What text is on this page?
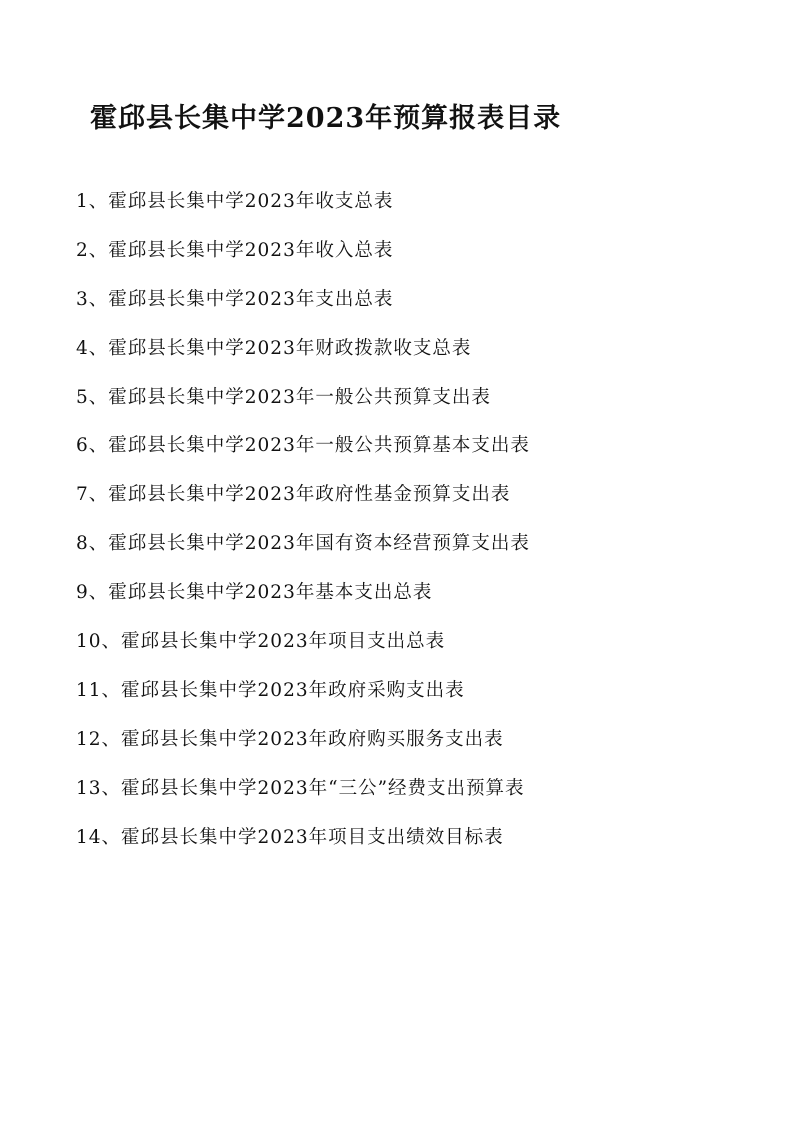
霍邱县长集中学2023年预算报表目录
1、霍邱县长集中学2023年收支总表
2、霍邱县长集中学2023年收入总表
3、霍邱县长集中学2023年支出总表
4、霍邱县长集中学2023年财政拨款收支总表
5、霍邱县长集中学2023年一般公共预算支出表
6、霍邱县长集中学2023年一般公共预算基本支出表
7、霍邱县长集中学2023年政府性基金预算支出表
8、霍邱县长集中学2023年国有资本经营预算支出表
9、霍邱县长集中学2023年基本支出总表
10、霍邱县长集中学2023年项目支出总表
11、霍邱县长集中学2023年政府采购支出表
12、霍邱县长集中学2023年政府购买服务支出表
13、霍邱县长集中学2023年“三公”经费支出预算表
14、霍邱县长集中学2023年项目支出绩效目标表
